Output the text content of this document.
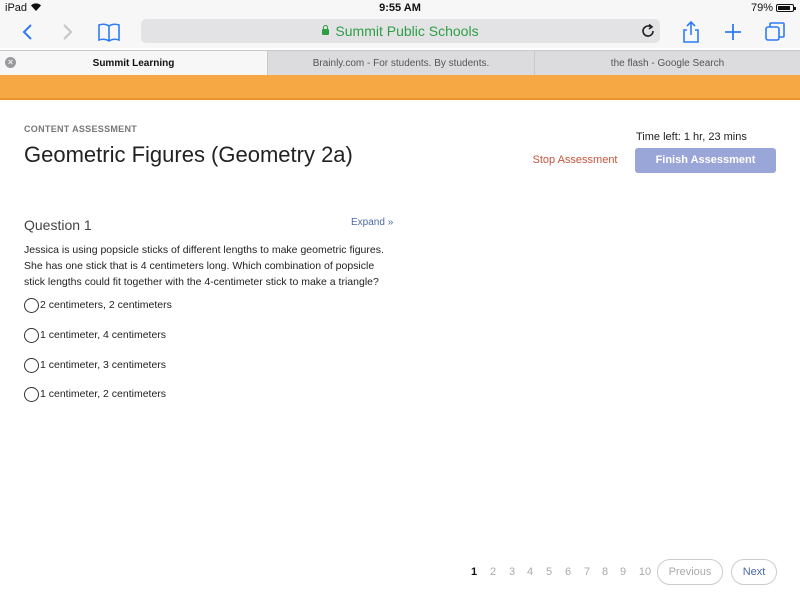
iPad	9:55 AM	79%
Summit Public Schools
×	Summit Learning	Brainly.com - For students. By students.	the flash - Google Search
CONTENT ASSESSMENT
Geometric Figures (Geometry 2a)
Time left: 1 hr, 23 mins
Stop Assessment	Finish Assessment
Question 1	Expand »
Jessica is using popsicle sticks of different lengths to make geometric figures. She has one stick that is 4 centimeters long. Which combination of popsicle stick lengths could fit together with the 4-centimeter stick to make a triangle?
2 centimeters, 2 centimeters
1 centimeter, 4 centimeters
1 centimeter, 3 centimeters
1 centimeter, 2 centimeters
1	2	3	4	5	6	7	8	9	10	Previous	Next
